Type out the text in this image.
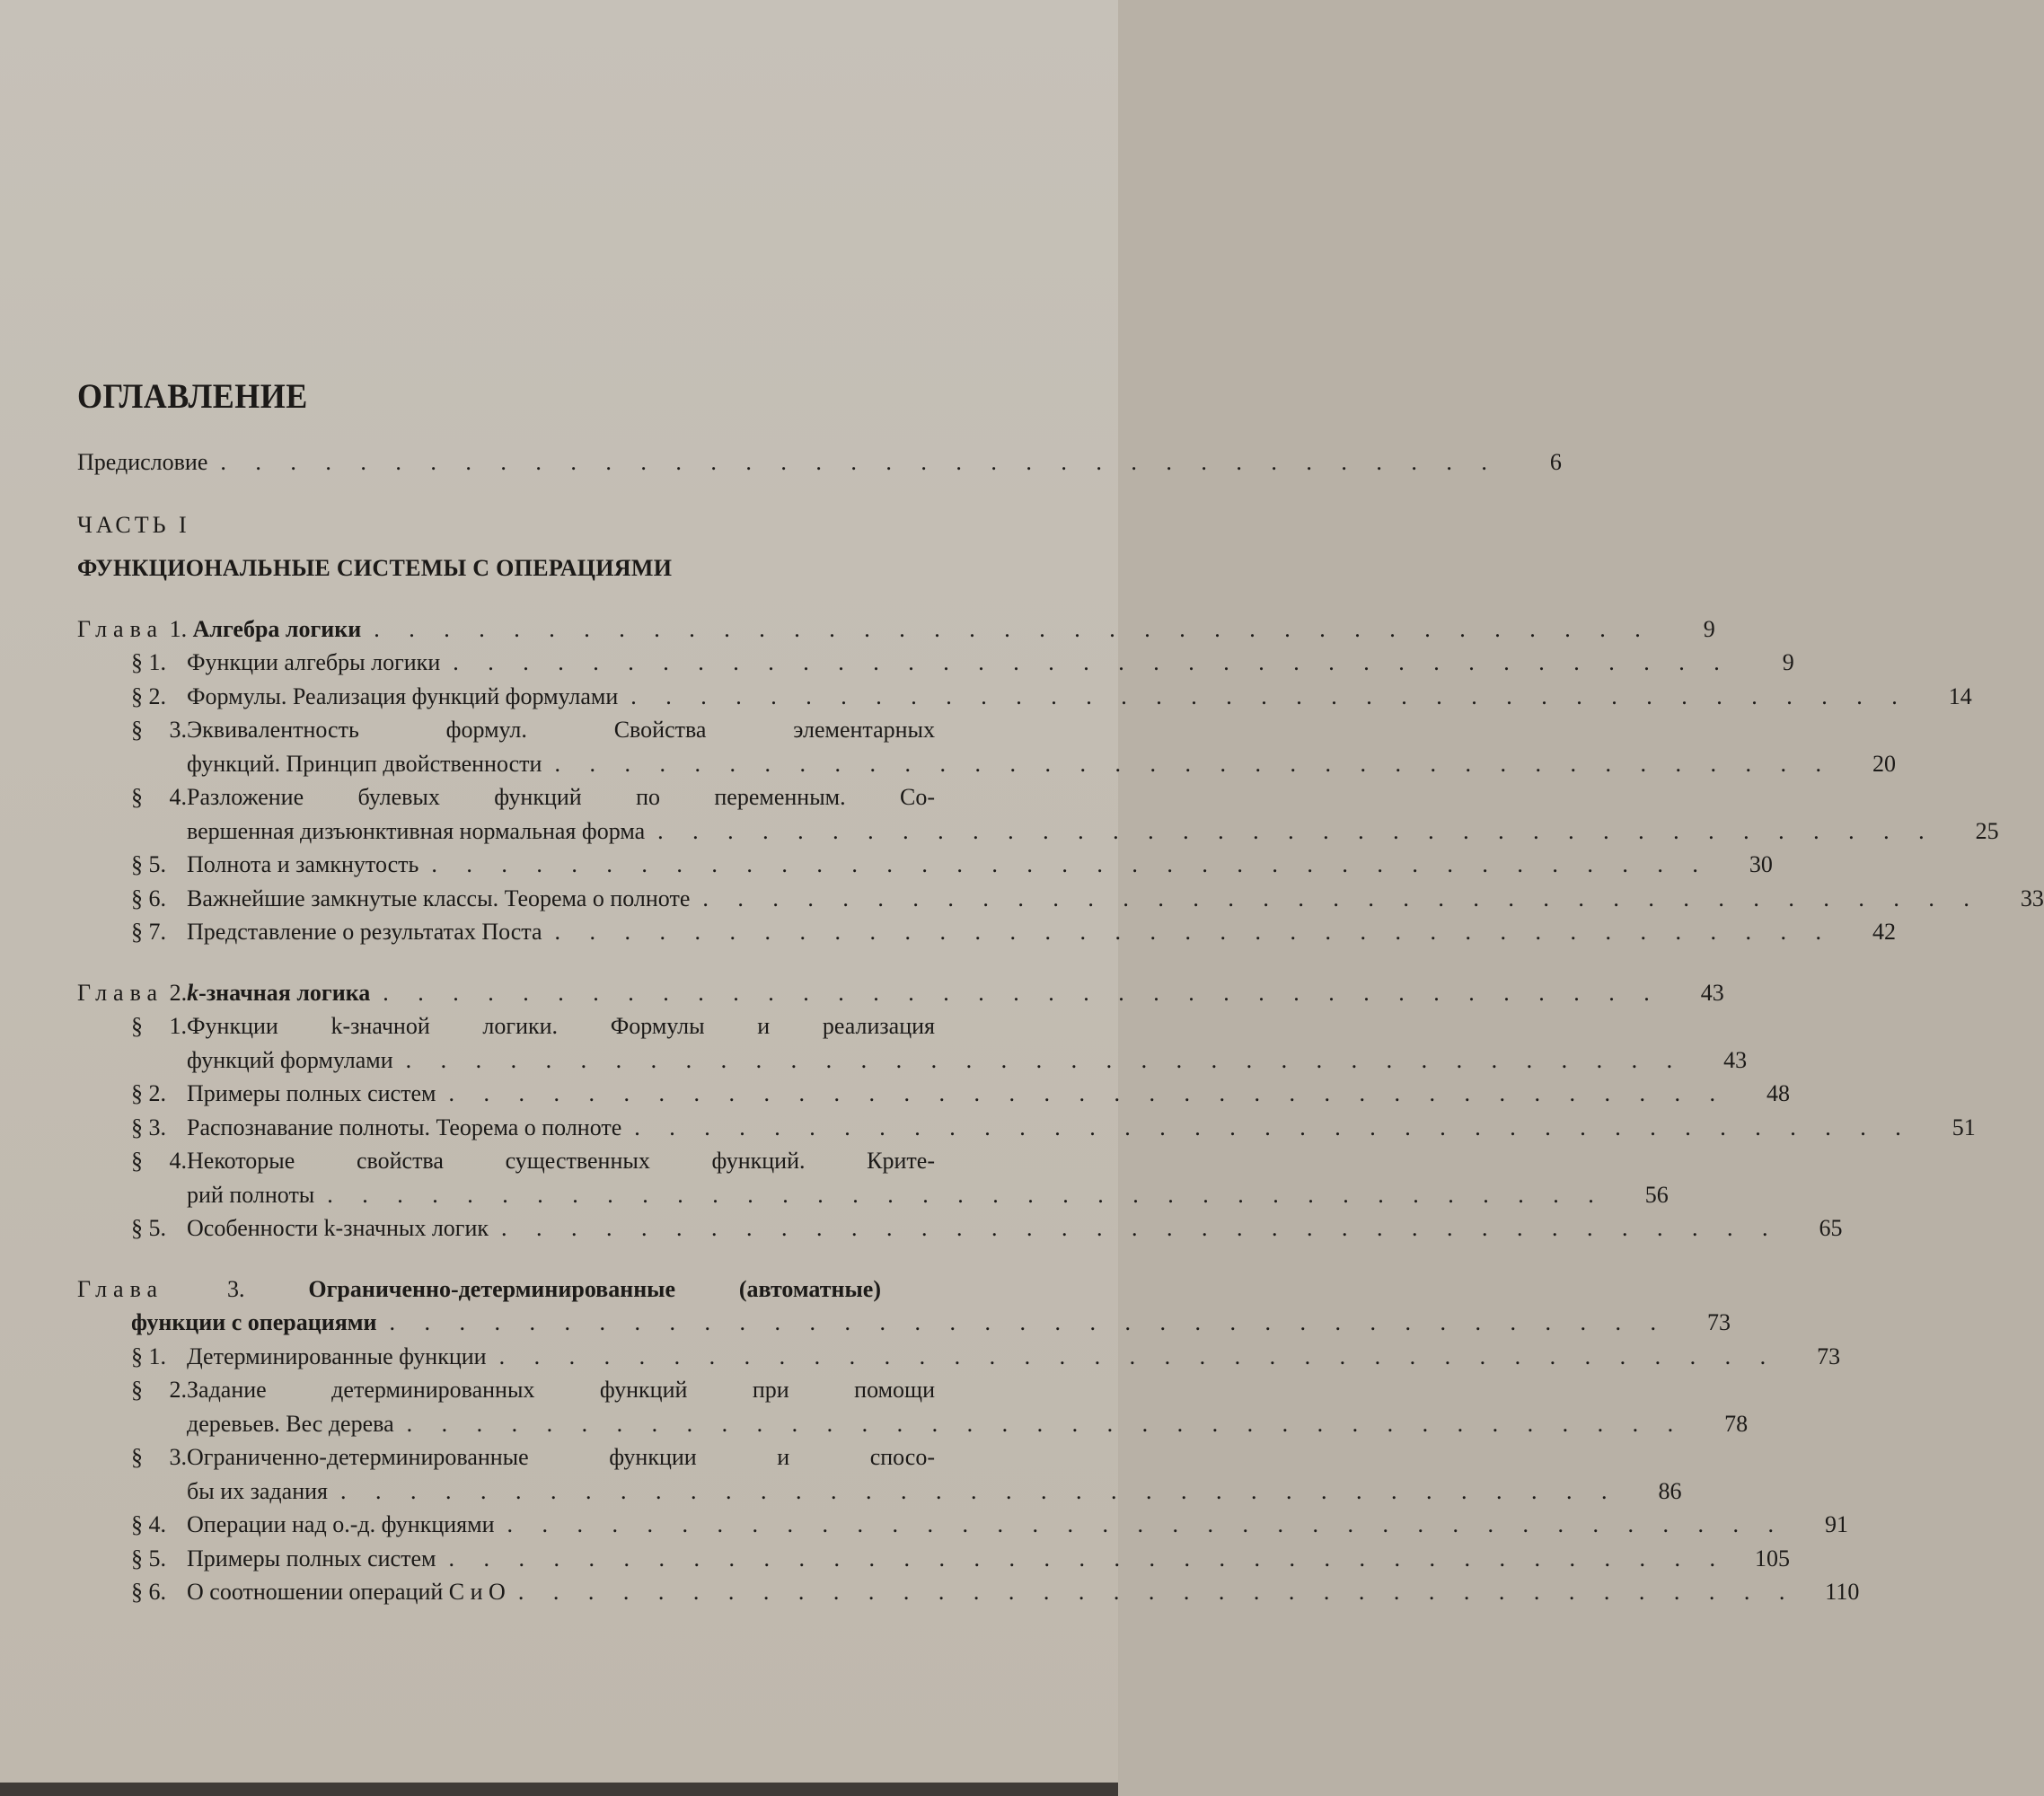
ОГЛАВЛЕНИЕ
Предисловие . . . . . . . . . . . . . . . . . . . . . . . . . . . . . . . . . . . . .	6
ЧАСТЬ I
ФУНКЦИОНАЛЬНЫЕ СИСТЕМЫ С ОПЕРАЦИЯМИ
Глава 1. Алгебра логики . . . . . . . . . . . . . . . . . . . . . . . . . . . . . . . . . . . . .	9
§ 1. Функции алгебры логики . . . . . . . . . . . . . . . . . . . . . . . . . . . . . . . . . . . . .	9
§ 2. Формулы. Реализация функций формулами . . . . . . . . . . . . . . . . . . . . . . . . . . . . . . . . . . . . .	14
§ 3.Эквивалентность формул. Свойства элементарных
функций. Принцип двойственности . . . . . . . . . . . . . . . . . . . . . . . . . . . . . . . . . . . . .	20
§ 4.Разложение булевых функций по переменным. Со-
вершенная дизъюнктивная нормальная форма . . . . . . . . . . . . . . . . . . . . . . . . . . . . . . . . . . . . .	25
§ 5. Полнота и замкнутость . . . . . . . . . . . . . . . . . . . . . . . . . . . . . . . . . . . . .	30
§ 6. Важнейшие замкнутые классы. Теорема о полноте . . . . . . . . . . . . . . . . . . . . . . . . . . . . . . . . . . . . .	33
§ 7. Представление о результатах Поста . . . . . . . . . . . . . . . . . . . . . . . . . . . . . . . . . . . . .	42
Глава 2.k-значная логика . . . . . . . . . . . . . . . . . . . . . . . . . . . . . . . . . . . . .	43
§ 1.Функции k-значной логики. Формулы и реализация
функций формулами . . . . . . . . . . . . . . . . . . . . . . . . . . . . . . . . . . . . .	43
§ 2. Примеры полных систем . . . . . . . . . . . . . . . . . . . . . . . . . . . . . . . . . . . . .	48
§ 3. Распознавание полноты. Теорема о полноте . . . . . . . . . . . . . . . . . . . . . . . . . . . . . . . . . . . . .	51
§ 4.Некоторые свойства существенных функций. Крите-
рий полноты . . . . . . . . . . . . . . . . . . . . . . . . . . . . . . . . . . . . .	56
§ 5. Особенности k-значных логик . . . . . . . . . . . . . . . . . . . . . . . . . . . . . . . . . . . . .	65
Глава	3.	Ограниченно-детерминированные (автоматные)
функции с операциями . . . . . . . . . . . . . . . . . . . . . . . . . . . . . . . . . . . . .	73
§ 1. Детерминированные функции . . . . . . . . . . . . . . . . . . . . . . . . . . . . . . . . . . . . .	73
§ 2.Задание детерминированных функций при помощи
деревьев. Вес дерева . . . . . . . . . . . . . . . . . . . . . . . . . . . . . . . . . . . . .	78
§ 3.Ограниченно-детерминированные функции и спосо-
бы их задания . . . . . . . . . . . . . . . . . . . . . . . . . . . . . . . . . . . . .	86
§ 4. Операции над о.-д. функциями . . . . . . . . . . . . . . . . . . . . . . . . . . . . . . . . . . . . .	91
§ 5. Примеры полных систем . . . . . . . . . . . . . . . . . . . . . . . . . . . . . . . . . . . . .	105
§ 6. О соотношении операций C и O . . . . . . . . . . . . . . . . . . . . . . . . . . . . . . . . . . . . .	110
